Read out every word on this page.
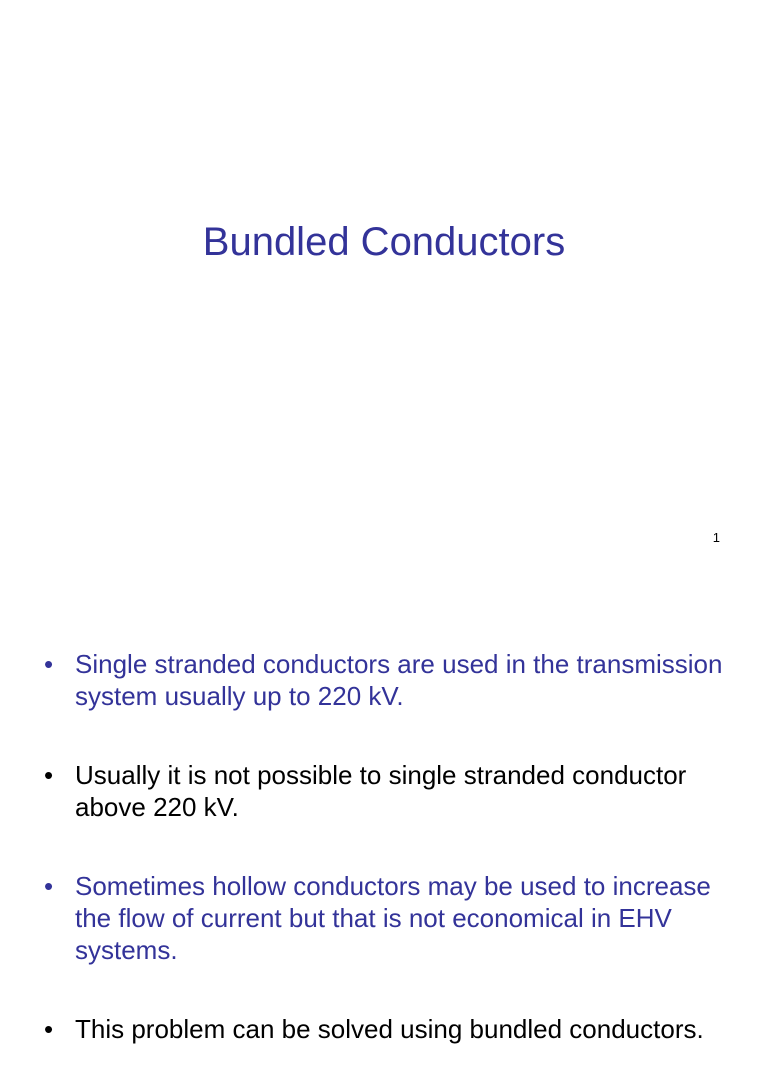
Bundled Conductors
1
• Single stranded conductors are used in the transmission system usually up to 220 kV.
• Usually it is not possible to single stranded conductor above 220 kV.
• Sometimes hollow conductors may be used to increase the flow of current but that is not economical in EHV systems.
• This problem can be solved using bundled conductors.
